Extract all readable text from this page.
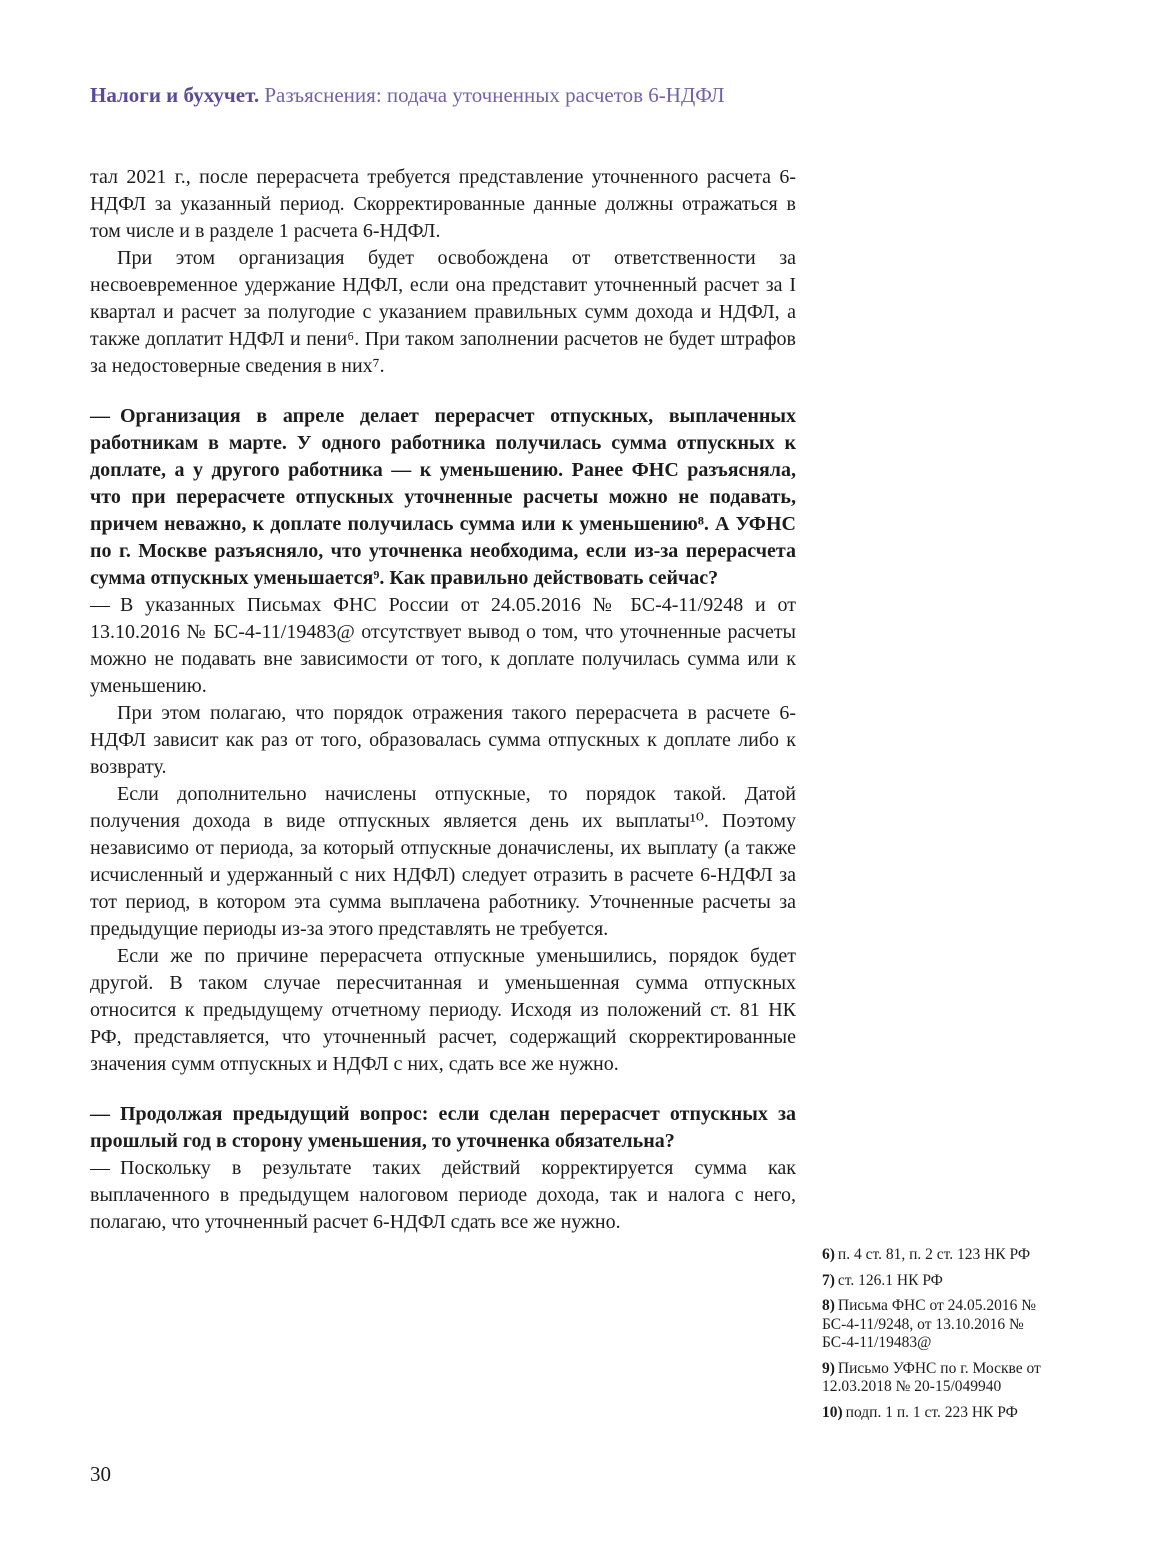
Налоги и бухучет. Разъяснения: подача уточненных расчетов 6-НДФЛ

тал 2021 г., после перерасчета требуется представление уточненного расчета 6-НДФЛ за указанный период. Скорректированные данные должны отражаться в том числе и в разделе 1 расчета 6-НДФЛ.

При этом организация будет освобождена от ответственности за несвоевременное удержание НДФЛ, если она представит уточненный расчет за I квартал и расчет за полугодие с указанием правильных сумм дохода и НДФЛ, а также доплатит НДФЛ и пени⁶. При таком заполнении расчетов не будет штрафов за недостоверные сведения в них⁷.

— Организация в апреле делает перерасчет отпускных, выплаченных работникам в марте. У одного работника получилась сумма отпускных к доплате, а у другого работника — к уменьшению. Ранее ФНС разъясняла, что при перерасчете отпускных уточненные расчеты можно не подавать, причем неважно, к доплате получилась сумма или к уменьшению⁸. А УФНС по г. Москве разъясняло, что уточненка необходима, если из-за перерасчета сумма отпускных уменьшается⁹. Как правильно действовать сейчас?

— В указанных Письмах ФНС России от 24.05.2016 № БС-4-11/9248 и от 13.10.2016 № БС-4-11/19483@ отсутствует вывод о том, что уточненные расчеты можно не подавать вне зависимости от того, к доплате получилась сумма или к уменьшению.

При этом полагаю, что порядок отражения такого перерасчета в расчете 6-НДФЛ зависит как раз от того, образовалась сумма отпускных к доплате либо к возврату.

Если дополнительно начислены отпускные, то порядок такой. Датой получения дохода в виде отпускных является день их выплаты¹⁰. Поэтому независимо от периода, за который отпускные доначислены, их выплату (а также исчисленный и удержанный с них НДФЛ) следует отразить в расчете 6-НДФЛ за тот период, в котором эта сумма выплачена работнику. Уточненные расчеты за предыдущие периоды из-за этого представлять не требуется.

Если же по причине перерасчета отпускные уменьшились, порядок будет другой. В таком случае пересчитанная и уменьшенная сумма отпускных относится к предыдущему отчетному периоду. Исходя из положений ст. 81 НК РФ, представляется, что уточненный расчет, содержащий скорректированные значения сумм отпускных и НДФЛ с них, сдать все же нужно.

— Продолжая предыдущий вопрос: если сделан перерасчет отпускных за прошлый год в сторону уменьшения, то уточненка обязательна?

— Поскольку в результате таких действий корректируется сумма как выплаченного в предыдущем налоговом периоде дохода, так и налога с него, полагаю, что уточненный расчет 6-НДФЛ сдать все же нужно.

6) п. 4 ст. 81, п. 2 ст. 123 НК РФ
7) ст. 126.1 НК РФ
8) Письма ФНС от 24.05.2016 № БС-4-11/9248, от 13.10.2016 № БС-4-11/19483@
9) Письмо УФНС по г. Москве от 12.03.2018 № 20-15/049940
10) подп. 1 п. 1 ст. 223 НК РФ
30
